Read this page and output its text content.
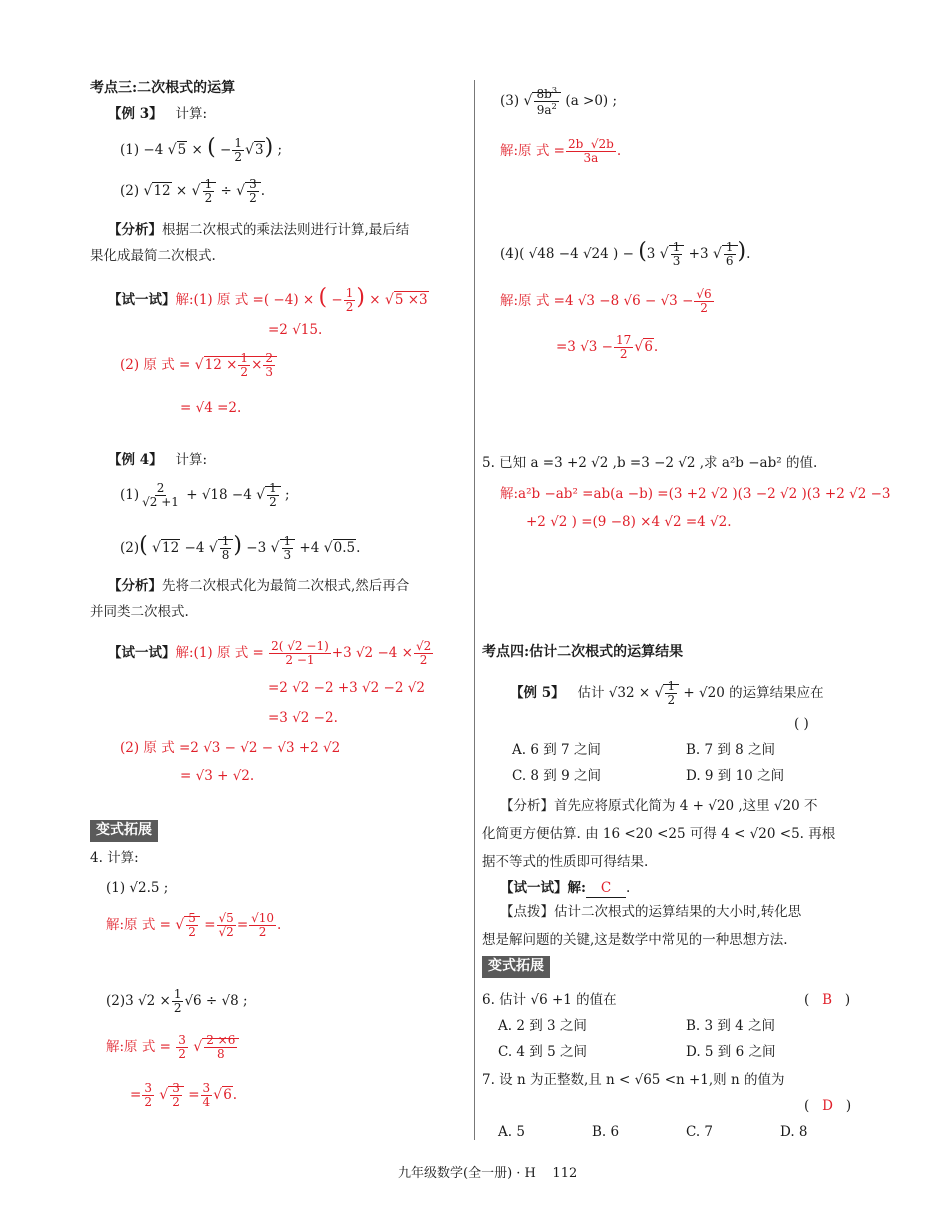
考点三:二次根式的运算
【例 3】 计算:
(1) −4 √5 × ( − $\frac{1}{2} √3$) ;
(2) √12 × √ $\frac{1}{2}$ ÷ √ $\frac{3}{2}$ .
【分析】根据二次根式的乘法法则进行计算,最后结
果化成最简二次根式.
【试一试】解:(1) 原 式 =( −4) × ( − $\frac{1}{2}$ ) × √5 ×3
=2 √15.
(2) 原 式 = $√12 \times \frac{1}{2} \times \frac{2}{3}$
= √4 =2.
【例 4】 计算:
$(1) \frac{2}{√2 +1} + √18 -4$ √ $\frac{1}{2}$ ;
(2)( √12 −4 √ $\frac{1}{8}$ ) −3 √ $\frac{1}{3} +4$ √0.5.
【分析】先将二次根式化为最简二次根式,然后再合
并同类二次根式.
【试一试】解:(1) 原 式 = $\frac{2( √2 -1)}{2 -1} +3$ $√2 -4 \times \frac{√2}{2}$
=2 √2 −2 +3 √2 −2 √2
=3 √2 −2.
(2) 原 式 =2 √3 − √2 − √3 +2 √2
= √3 + √2.
变式拓展
4. 计算:
(1) √2.5 ;
解:原 式 = √ $\frac{5}{2} = \frac{√5}{√2} = \frac{√10}{2}$ .
(2)3 $√2 \times \frac{1}{2} √6 \div √8$ ;
解:原 式 = $\frac{3}{2}$ √ $\frac{2 \times 6}{8}$
= $\frac{3}{2}$ √ $\frac{3}{2} = \frac{3}{4} √6$.
(3) √ $\frac{8b^3}{9a^2} (a >0)$ ;
解:原 式 = $\frac{2b √2b}{3a}$ .
(4)( √48 −4 √24 ) − (3 √ $\frac{1}{3} +3$ √ $\frac{1}{6}$ ).
解:原 式 =4 √3 −8 $√6 - √3 - \frac{√6}{2}$
=3 $√3 - \frac{17}{2} √6$.
5. 已知 a =3 +2 √2 ,b =3 −2 √2 ,求 a²b −ab² 的值.
解:a²b −ab² =ab(a −b) =(3 +2 √2 )(3 −2 √2 )(3 +2 √2 −3
+2 √2 ) =(9 −8) ×4 √2 =4 √2.
考点四:估计二次根式的运算结果
【例 5】 估计 √32 × √ $\frac{1}{2} + √20$ 的运算结果应在
( )
A. 6 到 7 之间	B. 7 到 8 之间
C. 8 到 9 之间	D. 9 到 10 之间
【分析】首先应将原式化简为 4 + √20 ,这里 √20 不
化简更方便估算. 由 16 <20 <25 可得 4 < √20 <5. 再根
据不等式的性质即可得结果.
【试一试】解: C .
【点拨】估计二次根式的运算结果的大小时,转化思
想是解问题的关键,这是数学中常见的一种思想方法.
变式拓展
6. 估计 √6 +1 的值在	(   B   )
A. 2 到 3 之间	B. 3 到 4 之间
C. 4 到 5 之间	D. 5 到 6 之间
7. 设 n 为正整数,且 n < √65 <n +1,则 n 的值为
(   D   )
A. 5	B. 6	C. 7	D. 8
九年级数学(全一册) · H 112
